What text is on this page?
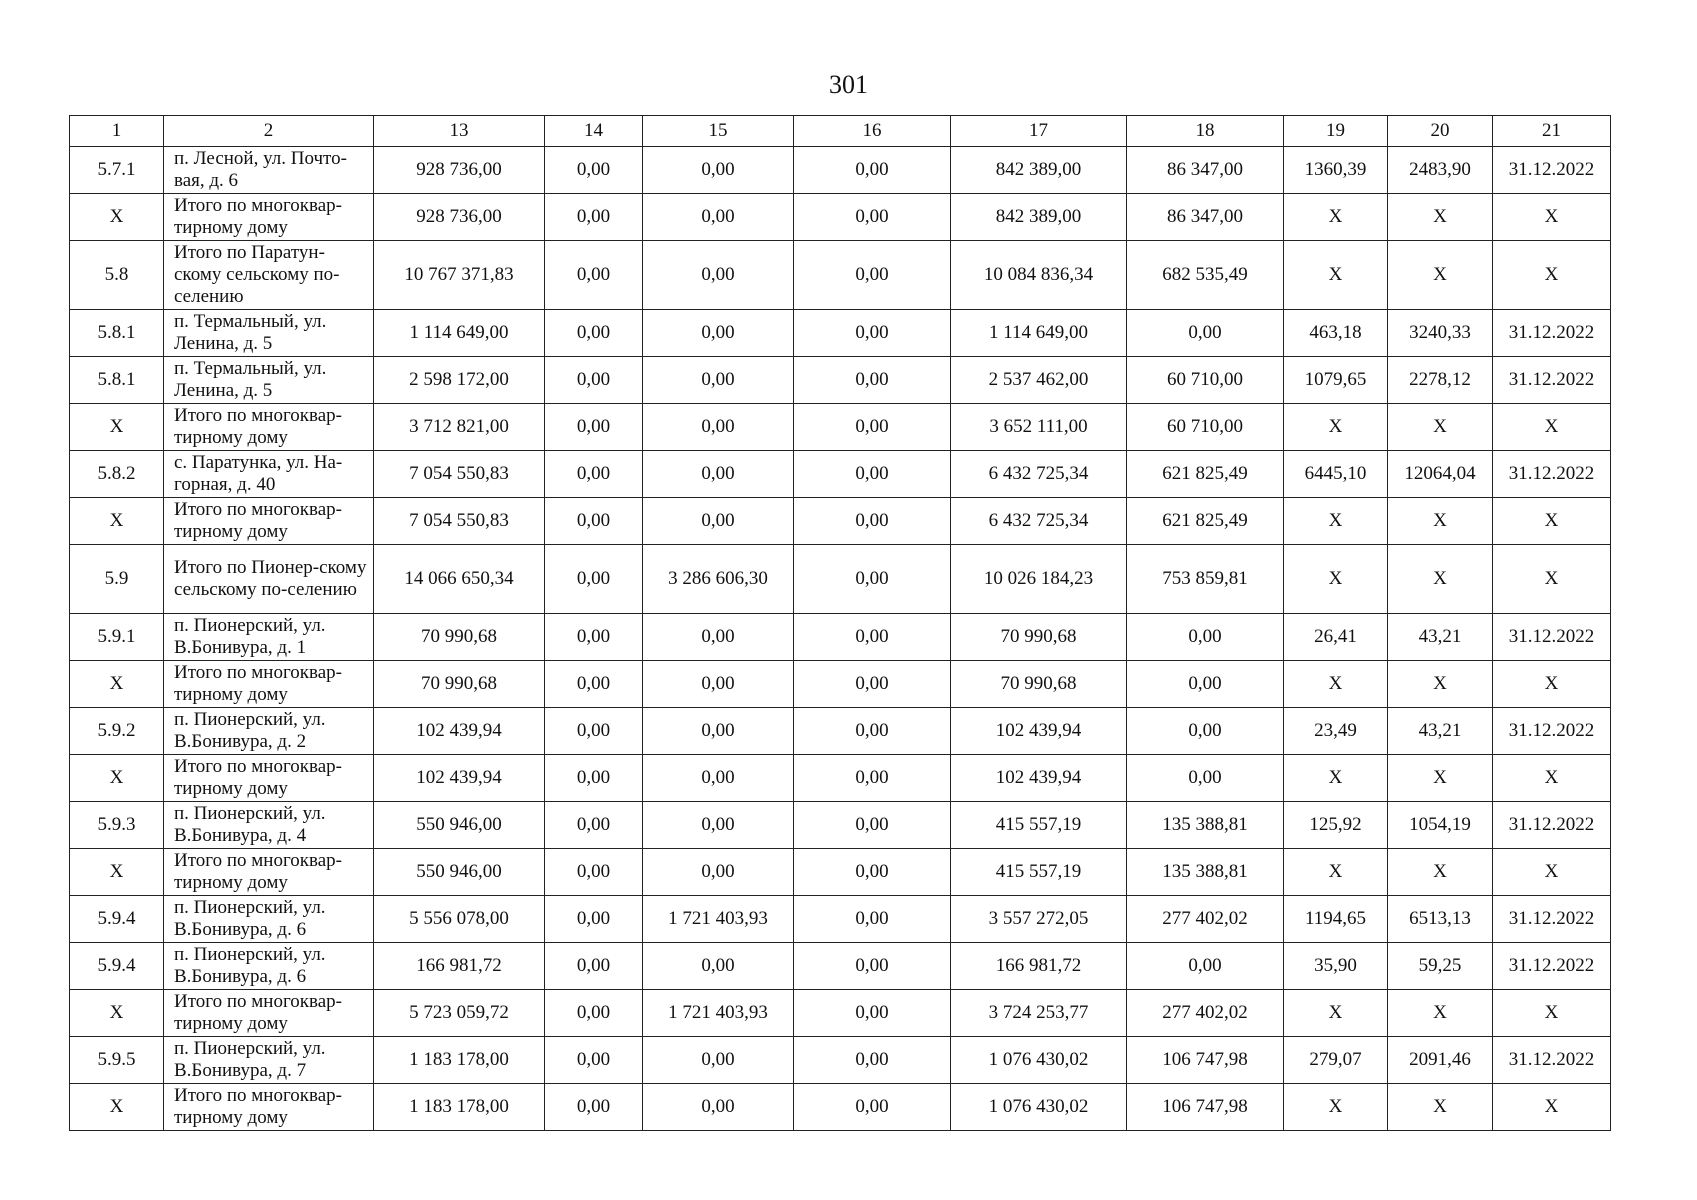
301
1	2	13	14	15	16	17	18	19	20	21
5.7.1	п. Лесной, ул. Почто-вая, д. 6	928 736,00	0,00	0,00	0,00	842 389,00	86 347,00	1360,39	2483,90	31.12.2022
Х	Итого по многоквар-тирному дому	928 736,00	0,00	0,00	0,00	842 389,00	86 347,00	Х	Х	Х
5.8	Итого по Паратун-скому сельскому по-селению	10 767 371,83	0,00	0,00	0,00	10 084 836,34	682 535,49	Х	Х	Х
5.8.1	п. Термальный, ул. Ленина, д. 5	1 114 649,00	0,00	0,00	0,00	1 114 649,00	0,00	463,18	3240,33	31.12.2022
5.8.1	п. Термальный, ул. Ленина, д. 5	2 598 172,00	0,00	0,00	0,00	2 537 462,00	60 710,00	1079,65	2278,12	31.12.2022
Х	Итого по многоквар-тирному дому	3 712 821,00	0,00	0,00	0,00	3 652 111,00	60 710,00	Х	Х	Х
5.8.2	с. Паратунка, ул. На-горная, д. 40	7 054 550,83	0,00	0,00	0,00	6 432 725,34	621 825,49	6445,10	12064,04	31.12.2022
Х	Итого по многоквар-тирному дому	7 054 550,83	0,00	0,00	0,00	6 432 725,34	621 825,49	Х	Х	Х
5.9	Итого по Пионер-скому сельскому по-селению	14 066 650,34	0,00	3 286 606,30	0,00	10 026 184,23	753 859,81	Х	Х	Х
5.9.1	п. Пионерский, ул. В.Бонивура, д. 1	70 990,68	0,00	0,00	0,00	70 990,68	0,00	26,41	43,21	31.12.2022
Х	Итого по многоквар-тирному дому	70 990,68	0,00	0,00	0,00	70 990,68	0,00	Х	Х	Х
5.9.2	п. Пионерский, ул. В.Бонивура, д. 2	102 439,94	0,00	0,00	0,00	102 439,94	0,00	23,49	43,21	31.12.2022
Х	Итого по многоквар-тирному дому	102 439,94	0,00	0,00	0,00	102 439,94	0,00	Х	Х	Х
5.9.3	п. Пионерский, ул. В.Бонивура, д. 4	550 946,00	0,00	0,00	0,00	415 557,19	135 388,81	125,92	1054,19	31.12.2022
Х	Итого по многоквар-тирному дому	550 946,00	0,00	0,00	0,00	415 557,19	135 388,81	Х	Х	Х
5.9.4	п. Пионерский, ул. В.Бонивура, д. 6	5 556 078,00	0,00	1 721 403,93	0,00	3 557 272,05	277 402,02	1194,65	6513,13	31.12.2022
5.9.4	п. Пионерский, ул. В.Бонивура, д. 6	166 981,72	0,00	0,00	0,00	166 981,72	0,00	35,90	59,25	31.12.2022
Х	Итого по многоквар-тирному дому	5 723 059,72	0,00	1 721 403,93	0,00	3 724 253,77	277 402,02	Х	Х	Х
5.9.5	п. Пионерский, ул. В.Бонивура, д. 7	1 183 178,00	0,00	0,00	0,00	1 076 430,02	106 747,98	279,07	2091,46	31.12.2022
Х	Итого по многоквар-тирному дому	1 183 178,00	0,00	0,00	0,00	1 076 430,02	106 747,98	Х	Х	Х
